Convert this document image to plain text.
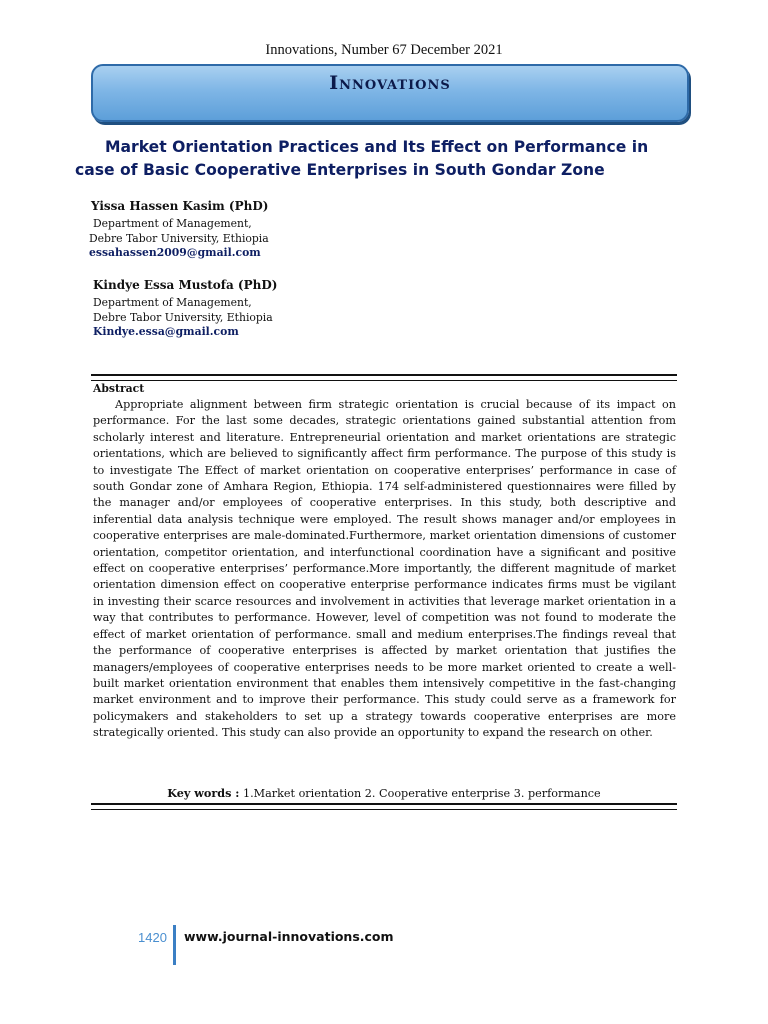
Innovations, Number 67 December 2021
Innovations
Market Orientation Practices and Its Effect on Performance in
case of Basic Cooperative Enterprises in South Gondar Zone
Yissa Hassen Kasim (PhD)
Department of Management,
Debre Tabor University, Ethiopia
essahassen2009@gmail.com
Kindye Essa Mustofa (PhD)
Department of Management,
Debre Tabor University, Ethiopia
Kindye.essa@gmail.com
Abstract
Appropriate alignment between firm strategic orientation is crucial because of its impact on performance. For the last some decades, strategic orientations gained substantial attention from scholarly interest and literature. Entrepreneurial orientation and market orientations are strategic orientations, which are believed to significantly affect firm performance. The purpose of this study is to investigate The Effect of market orientation on cooperative enterprises’ performance in case of south Gondar zone of Amhara Region, Ethiopia. 174 self-administered questionnaires were filled by the manager and/or employees of cooperative enterprises. In this study, both descriptive and inferential data analysis technique were employed. The result shows manager and/or employees in cooperative enterprises are male-dominated.Furthermore, market orientation dimensions of customer orientation, competitor orientation, and interfunctional coordination have a significant and positive effect on cooperative enterprises’ performance.More importantly, the different magnitude of market orientation dimension effect on cooperative enterprise performance indicates firms must be vigilant in investing their scarce resources and involvement in activities that leverage market orientation in a way that contributes to performance. However, level of competition was not found to moderate the effect of market orientation of performance. small and medium enterprises.The findings reveal that the performance of cooperative enterprises is affected by market orientation that justifies the managers/employees of cooperative enterprises needs to be more market oriented to create a well-built market orientation environment that enables them intensively competitive in the fast-changing market environment and to improve their performance. This study could serve as a framework for policymakers and stakeholders to set up a strategy towards cooperative enterprises are more strategically oriented. This study can also provide an opportunity to expand the research on other.
Key words : 1.Market orientation 2. Cooperative enterprise 3. performance
1420 www.journal-innovations.com
